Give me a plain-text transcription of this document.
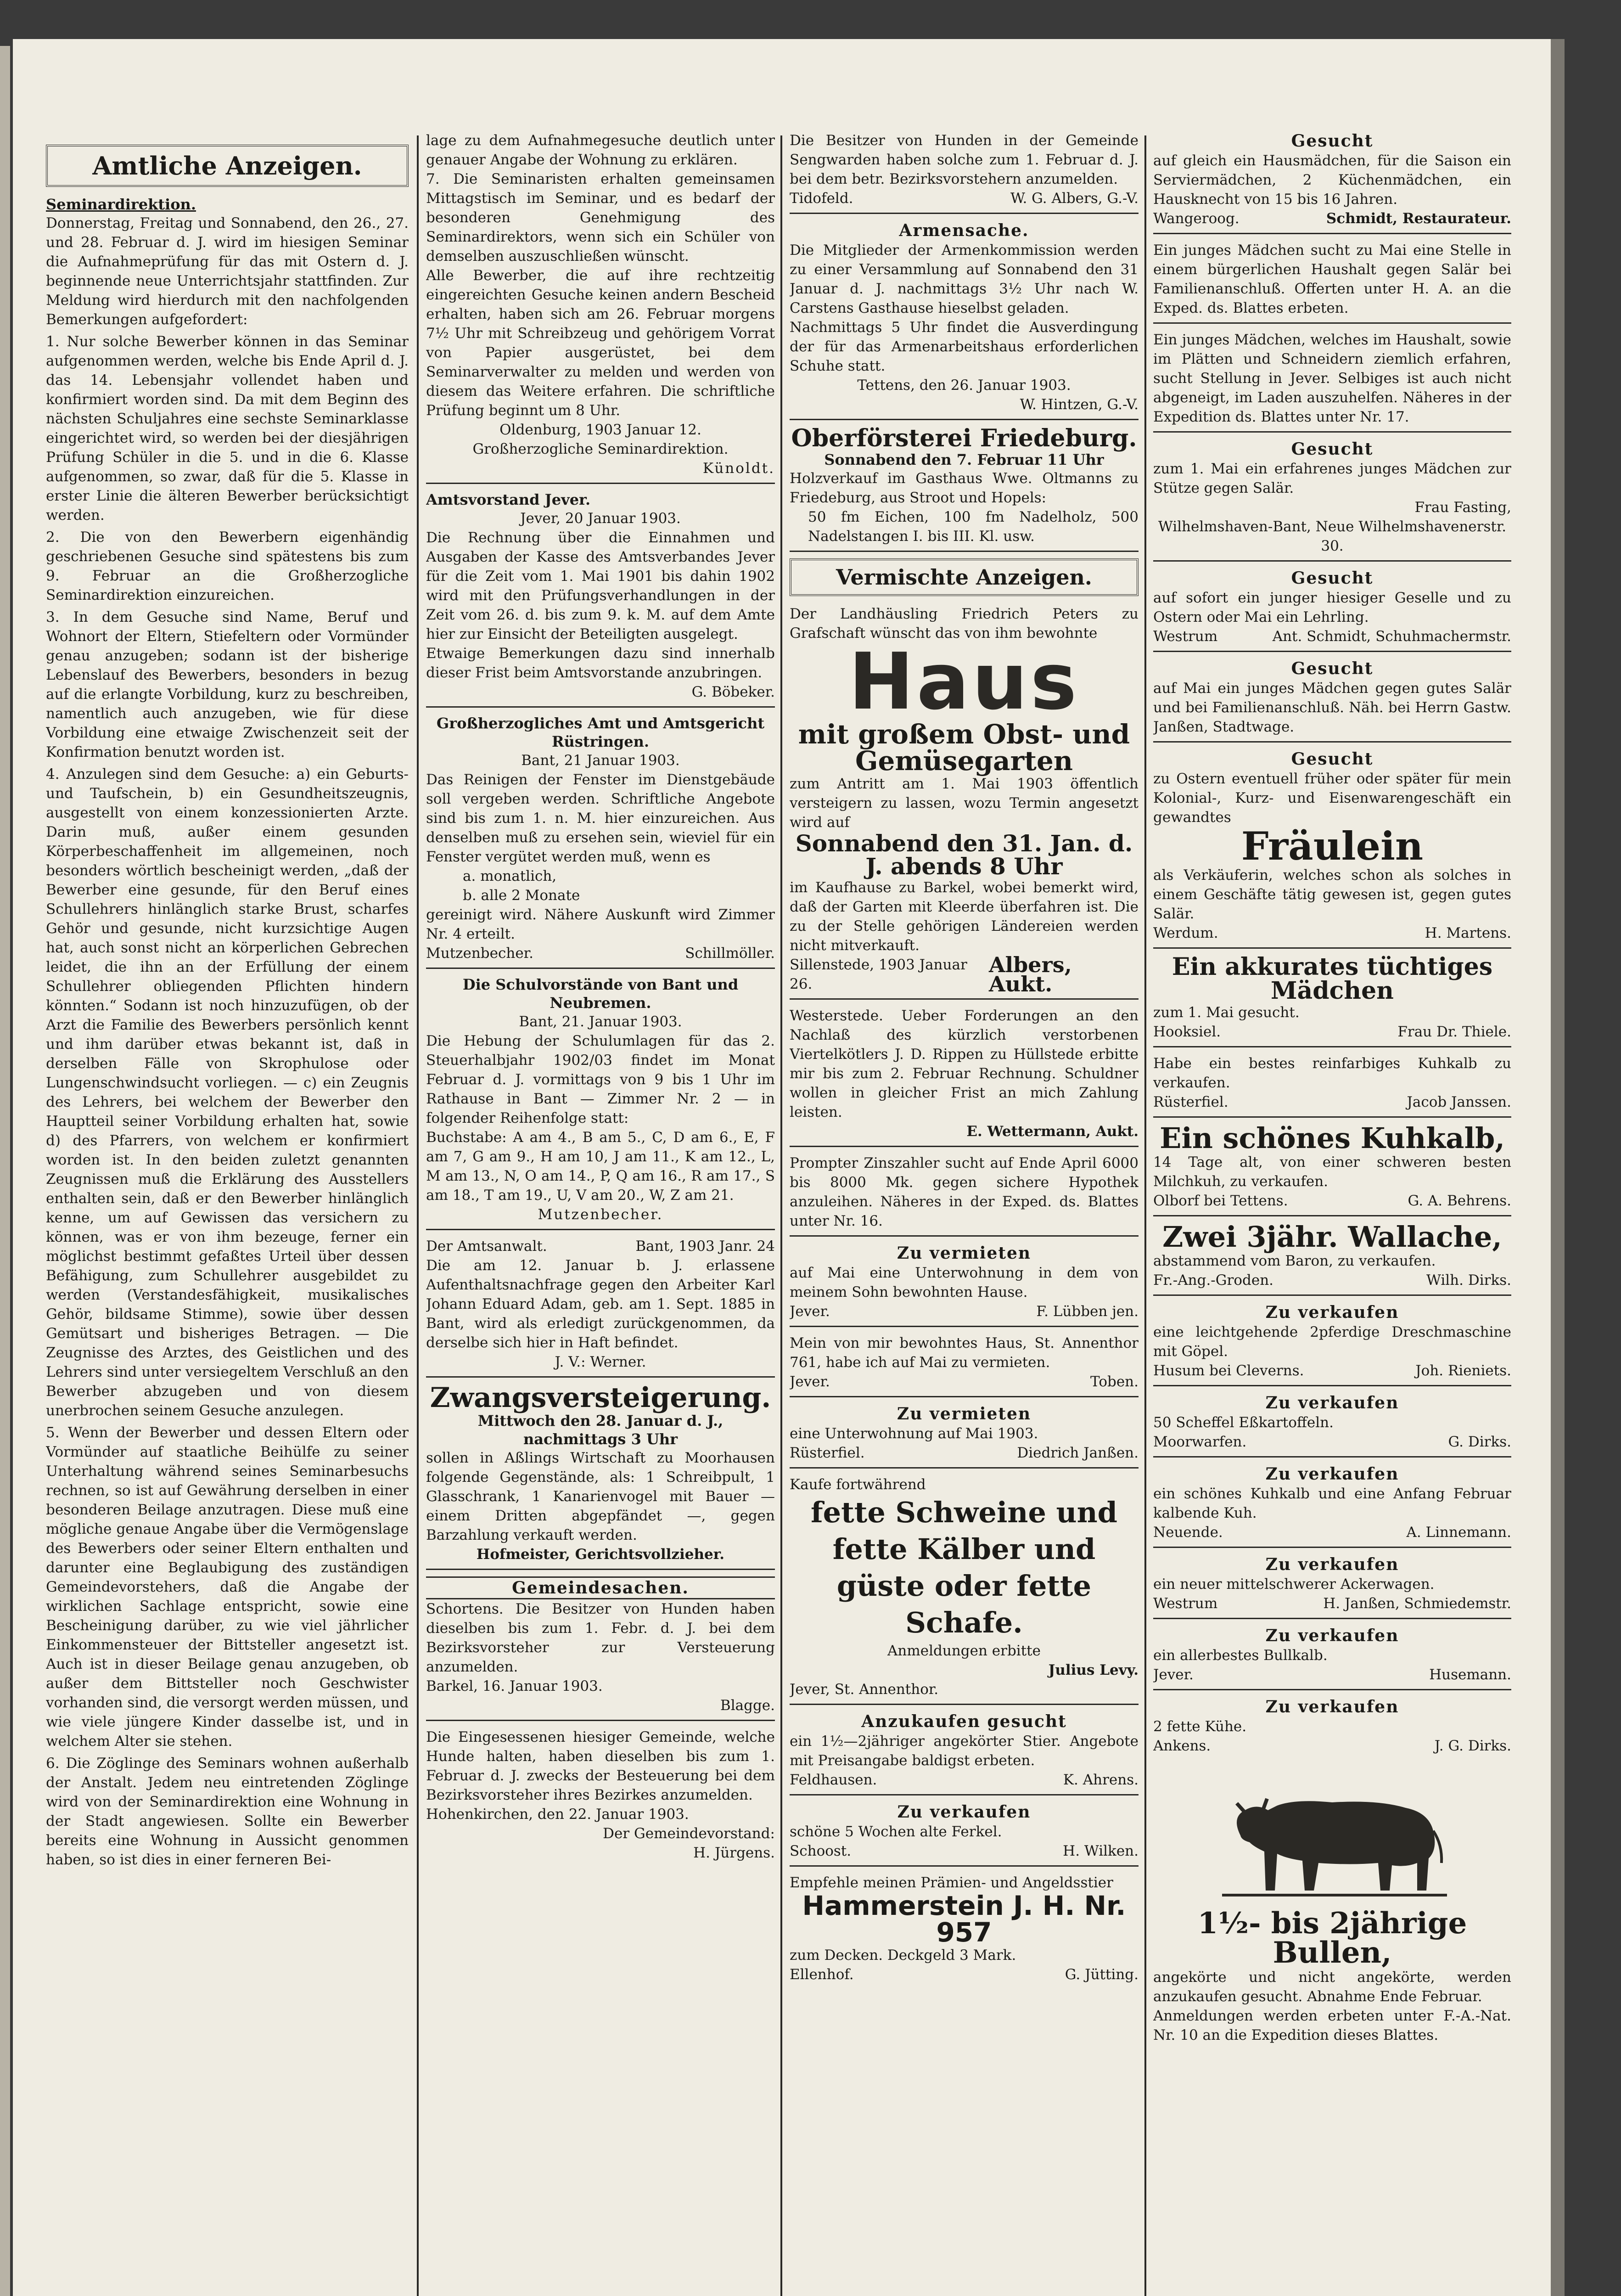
Amtliche Anzeigen.
Seminardirektion.
Donnerstag, Freitag und Sonnabend, den 26., 27. und 28. Februar d. J. wird im hiesigen Seminar die Aufnahmeprüfung für das mit Ostern d. J. beginnende neue Unterrichtsjahr stattfinden. Zur Meldung wird hierdurch mit den nachfolgenden Bemerkungen aufgefordert:
1. Nur solche Bewerber können in das Seminar aufgenommen werden, welche bis Ende April d. J. das 14. Lebensjahr vollendet haben und konfirmiert worden sind. Da mit dem Beginn des nächsten Schuljahres eine sechste Seminarklasse eingerichtet wird, so werden bei der diesjährigen Prüfung Schüler in die 5. und in die 6. Klasse aufgenommen, so zwar, daß für die 5. Klasse in erster Linie die älteren Bewerber berücksichtigt werden.
2. Die von den Bewerbern eigenhändig geschriebenen Gesuche sind spätestens bis zum 9. Februar an die Großherzogliche Seminardirektion einzureichen.
3. In dem Gesuche sind Name, Beruf und Wohnort der Eltern, Stiefeltern oder Vormünder genau anzugeben; sodann ist der bisherige Lebenslauf des Bewerbers, besonders in bezug auf die erlangte Vorbildung, kurz zu beschreiben, namentlich auch anzugeben, wie für diese Vorbildung eine etwaige Zwischenzeit seit der Konfirmation benutzt worden ist.
4. Anzulegen sind dem Gesuche: a) ein Geburts- und Taufschein, b) ein Gesundheitszeugnis, ausgestellt von einem konzessionierten Arzte. Darin muß, außer einem gesunden Körperbeschaffenheit im allgemeinen, noch besonders wörtlich bescheinigt werden, „daß der Bewerber eine gesunde, für den Beruf eines Schullehrers hinlänglich starke Brust, scharfes Gehör und gesunde, nicht kurzsichtige Augen hat, auch sonst nicht an körperlichen Gebrechen leidet, die ihn an der Erfüllung der einem Schullehrer obliegenden Pflichten hindern könnten.“ Sodann ist noch hinzuzufügen, ob der Arzt die Familie des Bewerbers persönlich kennt und ihm darüber etwas bekannt ist, daß in derselben Fälle von Skrophulose oder Lungenschwindsucht vorliegen. — c) ein Zeugnis des Lehrers, bei welchem der Bewerber den Hauptteil seiner Vorbildung erhalten hat, sowie d) des Pfarrers, von welchem er konfirmiert worden ist. In den beiden zuletzt genannten Zeugnissen muß die Erklärung des Ausstellers enthalten sein, daß er den Bewerber hinlänglich kenne, um auf Gewissen das versichern zu können, was er von ihm bezeuge, ferner ein möglichst bestimmt gefaßtes Urteil über dessen Befähigung, zum Schullehrer ausgebildet zu werden (Verstandesfähigkeit, musikalisches Gehör, bildsame Stimme), sowie über dessen Gemütsart und bisheriges Betragen. — Die Zeugnisse des Arztes, des Geistlichen und des Lehrers sind unter versiegeltem Verschluß an den Bewerber abzugeben und von diesem unerbrochen seinem Gesuche anzulegen.
5. Wenn der Bewerber und dessen Eltern oder Vormünder auf staatliche Beihülfe zu seiner Unterhaltung während seines Seminarbesuchs rechnen, so ist auf Gewährung derselben in einer besonderen Beilage anzutragen. Diese muß eine mögliche genaue Angabe über die Vermögenslage des Bewerbers oder seiner Eltern enthalten und darunter eine Beglaubigung des zuständigen Gemeindevorstehers, daß die Angabe der wirklichen Sachlage entspricht, sowie eine Bescheinigung darüber, zu wie viel jährlicher Einkommensteuer der Bittsteller angesetzt ist. Auch ist in dieser Beilage genau anzugeben, ob außer dem Bittsteller noch Geschwister vorhanden sind, die versorgt werden müssen, und wie viele jüngere Kinder dasselbe ist, und in welchem Alter sie stehen.
6. Die Zöglinge des Seminars wohnen außerhalb der Anstalt. Jedem neu eintretenden Zöglinge wird von der Seminardirektion eine Wohnung in der Stadt angewiesen. Sollte ein Bewerber bereits eine Wohnung in Aussicht genommen haben, so ist dies in einer ferneren Bei-
lage zu dem Aufnahmegesuche deutlich unter genauer Angabe der Wohnung zu erklären.
7. Die Seminaristen erhalten gemeinsamen Mittagstisch im Seminar, und es bedarf der besonderen Genehmigung des Seminardirektors, wenn sich ein Schüler von demselben auszuschließen wünscht.
Alle Bewerber, die auf ihre rechtzeitig eingereichten Gesuche keinen andern Bescheid erhalten, haben sich am 26. Februar morgens 7½ Uhr mit Schreibzeug und gehörigem Vorrat von Papier ausgerüstet, bei dem Seminarverwalter zu melden und werden von diesem das Weitere erfahren. Die schriftliche Prüfung beginnt um 8 Uhr.
Oldenburg, 1903 Januar 12.
Großherzogliche Seminardirektion.
Künoldt.
Amtsvorstand Jever.
Jever, 20 Januar 1903.
Die Rechnung über die Einnahmen und Ausgaben der Kasse des Amtsverbandes Jever für die Zeit vom 1. Mai 1901 bis dahin 1902 wird mit den Prüfungsverhandlungen in der Zeit vom 26. d. bis zum 9. k. M. auf dem Amte hier zur Einsicht der Beteiligten ausgelegt.
Etwaige Bemerkungen dazu sind innerhalb dieser Frist beim Amtsvorstande anzubringen.
G. Böbeker.
Großherzogliches Amt und Amtsgericht Rüstringen.
Bant, 21 Januar 1903.
Das Reinigen der Fenster im Dienstgebäude soll vergeben werden. Schriftliche Angebote sind bis zum 1. n. M. hier einzureichen. Aus denselben muß zu ersehen sein, wieviel für ein Fenster vergütet werden muß, wenn es
a. monatlich,
b. alle 2 Monate
gereinigt wird. Nähere Auskunft wird Zimmer Nr. 4 erteilt.
Mutzenbecher.	Schillmöller.
Die Schulvorstände von Bant und Neubremen.
Bant, 21. Januar 1903.
Die Hebung der Schulumlagen für das 2. Steuerhalbjahr 1902/03 findet im Monat Februar d. J. vormittags von 9 bis 1 Uhr im Rathause in Bant — Zimmer Nr. 2 — in folgender Reihenfolge statt:
Buchstabe: A am 4., B am 5., C, D am 6., E, F am 7, G am 9., H am 10, J am 11., K am 12., L, M am 13., N, O am 14., P, Q am 16., R am 17., S am 18., T am 19., U, V am 20., W, Z am 21.
Mutzenbecher.
Der Amtsanwalt.	Bant, 1903 Janr. 24
Die am 12. Januar b. J. erlassene Aufenthaltsnachfrage gegen den Arbeiter Karl Johann Eduard Adam, geb. am 1. Sept. 1885 in Bant, wird als erledigt zurückgenommen, da derselbe sich hier in Haft befindet.
J. V.: Werner.
Zwangsversteigerung.
Mittwoch den 28. Januar d. J., nachmittags 3 Uhr
sollen in Aßlings Wirtschaft zu Moorhausen folgende Gegenstände, als: 1 Schreibpult, 1 Glasschrank, 1 Kanarienvogel mit Bauer — einem Dritten abgepfändet —, gegen Barzahlung verkauft werden.
Hofmeister, Gerichtsvollzieher.
Gemeindesachen.
Schortens. Die Besitzer von Hunden haben dieselben bis zum 1. Febr. d. J. bei dem Bezirksvorsteher zur Versteuerung anzumelden.
Barkel, 16. Januar 1903.
Blagge.
Die Eingesessenen hiesiger Gemeinde, welche Hunde halten, haben dieselben bis zum 1. Februar d. J. zwecks der Besteuerung bei dem Bezirksvorsteher ihres Bezirkes anzumelden.
Hohenkirchen, den 22. Januar 1903.
Der Gemeindevorstand:
H. Jürgens.
Die Besitzer von Hunden in der Gemeinde Sengwarden haben solche zum 1. Februar d. J. bei dem betr. Bezirksvorstehern anzumelden.
Tidofeld.	W. G. Albers, G.-V.
Armensache.
Die Mitglieder der Armenkommission werden zu einer Versammlung auf Sonnabend den 31 Januar d. J. nachmittags 3½ Uhr nach W. Carstens Gasthause hieselbst geladen.
Nachmittags 5 Uhr findet die Ausverdingung der für das Armenarbeitshaus erforderlichen Schuhe statt.
Tettens, den 26. Januar 1903.
W. Hintzen, G.-V.
Oberförsterei Friedeburg.
Sonnabend den 7. Februar 11 Uhr
Holzverkauf im Gasthaus Wwe. Oltmanns zu Friedeburg, aus Stroot und Hopels:
50 fm Eichen, 100 fm Nadelholz, 500 Nadelstangen I. bis III. Kl. usw.
Vermischte Anzeigen.
Der Landhäusling Friedrich Peters zu Grafschaft wünscht das von ihm bewohnte
Haus
mit großem Obst- und Gemüsegarten
zum Antritt am 1. Mai 1903 öffentlich versteigern zu lassen, wozu Termin angesetzt wird auf
Sonnabend den 31. Jan. d. J. abends 8 Uhr
im Kaufhause zu Barkel, wobei bemerkt wird, daß der Garten mit Kleerde überfahren ist. Die zu der Stelle gehörigen Ländereien werden nicht mitverkauft.
Sillenstede, 1903 Januar 26.
Albers, Aukt.
Westerstede. Ueber Forderungen an den Nachlaß des kürzlich verstorbenen Viertelkötlers J. D. Rippen zu Hüllstede erbitte mir bis zum 2. Februar Rechnung. Schuldner wollen in gleicher Frist an mich Zahlung leisten.
E. Wettermann, Aukt.
Prompter Zinszahler sucht auf Ende April 6000 bis 8000 Mk. gegen sichere Hypothek anzuleihen. Näheres in der Exped. ds. Blattes unter Nr. 16.
Zu vermieten
auf Mai eine Unterwohnung in dem von meinem Sohn bewohnten Hause.
Jever.	F. Lübben jen.
Mein von mir bewohntes Haus, St. Annenthor 761, habe ich auf Mai zu vermieten.
Jever.	Toben.
Zu vermieten
eine Unterwohnung auf Mai 1903.
Rüsterfiel.	Diedrich Janßen.
Kaufe fortwährend
fette Schweine und fette Kälber und güste oder fette Schafe.
Anmeldungen erbitte
Julius Levy.
Jever, St. Annenthor.
Anzukaufen gesucht
ein 1½—2jähriger angekörter Stier. Angebote mit Preisangabe baldigst erbeten.
Feldhausen.	K. Ahrens.
Zu verkaufen
schöne 5 Wochen alte Ferkel.
Schoost.	H. Wilken.
Empfehle meinen Prämien- und Angeldsstier
Hammerstein J. H. Nr. 957
zum Decken. Deckgeld 3 Mark.
Ellenhof.	G. Jütting.
Gesucht
auf gleich ein Hausmädchen, für die Saison ein Serviermädchen, 2 Küchenmädchen, ein Hausknecht von 15 bis 16 Jahren.
Wangeroog.	Schmidt, Restaurateur.
Ein junges Mädchen sucht zu Mai eine Stelle in einem bürgerlichen Haushalt gegen Salär bei Familienanschluß. Offerten unter H. A. an die Exped. ds. Blattes erbeten.
Ein junges Mädchen, welches im Haushalt, sowie im Plätten und Schneidern ziemlich erfahren, sucht Stellung in Jever. Selbiges ist auch nicht abgeneigt, im Laden auszuhelfen. Näheres in der Expedition ds. Blattes unter Nr. 17.
Gesucht
zum 1. Mai ein erfahrenes junges Mädchen zur Stütze gegen Salär.
Frau Fasting,
Wilhelmshaven-Bant, Neue Wilhelmshavenerstr. 30.
Gesucht
auf sofort ein junger hiesiger Geselle und zu Ostern oder Mai ein Lehrling.
Westrum	Ant. Schmidt, Schuhmachermstr.
Gesucht
auf Mai ein junges Mädchen gegen gutes Salär und bei Familienanschluß. Näh. bei Herrn Gastw. Janßen, Stadtwage.
Gesucht
zu Ostern eventuell früher oder später für mein Kolonial-, Kurz- und Eisenwarengeschäft ein gewandtes
Fräulein
als Verkäuferin, welches schon als solches in einem Geschäfte tätig gewesen ist, gegen gutes Salär.
Werdum.	H. Martens.
Ein akkurates tüchtiges Mädchen
zum 1. Mai gesucht.
Hooksiel.	Frau Dr. Thiele.
Habe ein bestes reinfarbiges Kuhkalb zu verkaufen.
Rüsterfiel.	Jacob Janssen.
Ein schönes Kuhkalb,
14 Tage alt, von einer schweren besten Milchkuh, zu verkaufen.
Olborf bei Tettens.	G. A. Behrens.
Zwei 3jähr. Wallache,
abstammend vom Baron, zu verkaufen.
Fr.-Ang.-Groden.	Wilh. Dirks.
Zu verkaufen
eine leichtgehende 2pferdige Dreschmaschine mit Göpel.
Husum bei Cleverns.	Joh. Rieniets.
Zu verkaufen
50 Scheffel Eßkartoffeln.
Moorwarfen.	G. Dirks.
Zu verkaufen
ein schönes Kuhkalb und eine Anfang Februar kalbende Kuh.
Neuende.	A. Linnemann.
Zu verkaufen
ein neuer mittelschwerer Ackerwagen.
Westrum	H. Janßen, Schmiedemstr.
Zu verkaufen
ein allerbestes Bullkalb.
Jever.	Husemann.
Zu verkaufen
2 fette Kühe.
Ankens.	J. G. Dirks.
1½- bis 2jährige Bullen,
angekörte und nicht angekörte, werden anzukaufen gesucht. Abnahme Ende Februar.
Anmeldungen werden erbeten unter F.-A.-Nat. Nr. 10 an die Expedition dieses Blattes.
